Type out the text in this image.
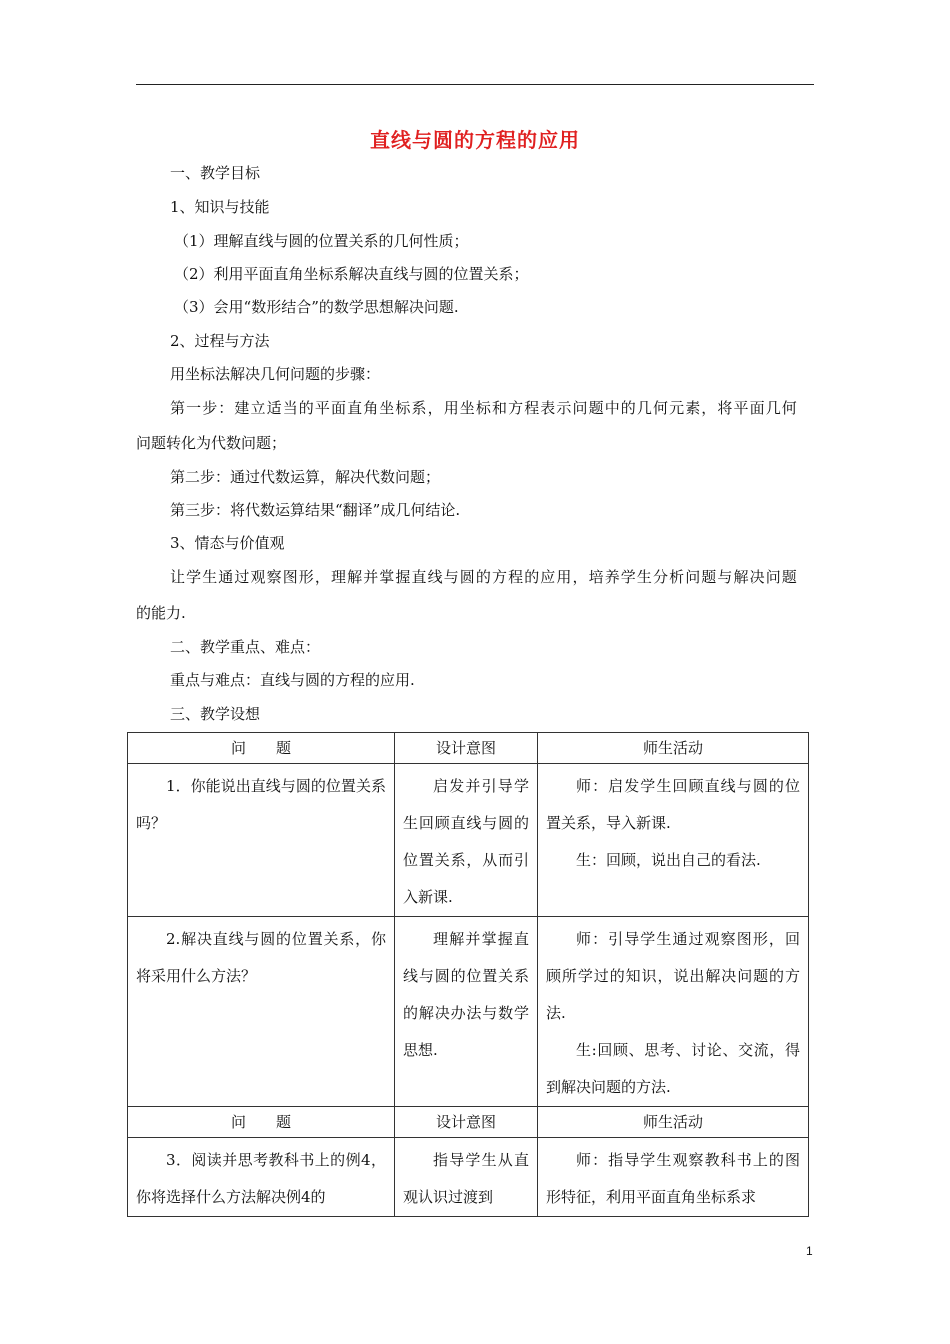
直线与圆的方程的应用
一、教学目标
1、知识与技能
（1）理解直线与圆的位置关系的几何性质；
（2）利用平面直角坐标系解决直线与圆的位置关系；
（3）会用“数形结合”的数学思想解决问题.
2、过程与方法
用坐标法解决几何问题的步骤：
第一步：建立适当的平面直角坐标系，用坐标和方程表示问题中的几何元素，将平面几何
问题转化为代数问题；
第二步：通过代数运算，解决代数问题；
第三步：将代数运算结果“翻译”成几何结论.
3、情态与价值观
让学生通过观察图形，理解并掌握直线与圆的方程的应用，培养学生分析问题与解决问题
的能力.
二、教学重点、难点：
重点与难点：直线与圆的方程的应用.
三、教学设想
问　　题	设计意图	师生活动

1．你能说出直线与圆的位置关系吗？	启发并引导学生回顾直线与圆的位置关系，从而引入新课.	师：启发学生回顾直线与圆的位置关系，导入新课.
生：回顾，说出自己的看法.

2.解决直线与圆的位置关系，你将采用什么方法？	理解并掌握直线与圆的位置关系的解决办法与数学思想.	师：引导学生通过观察图形，回顾所学过的知识，说出解决问题的方法.
生:回顾、思考、讨论、交流，得到解决问题的方法.

问　　题	设计意图	师生活动

3．阅读并思考教科书上的例4，你将选择什么方法解决例4的	指导学生从直观认识过渡到	师：指导学生观察教科书上的图形特征，利用平面直角坐标系求
1
